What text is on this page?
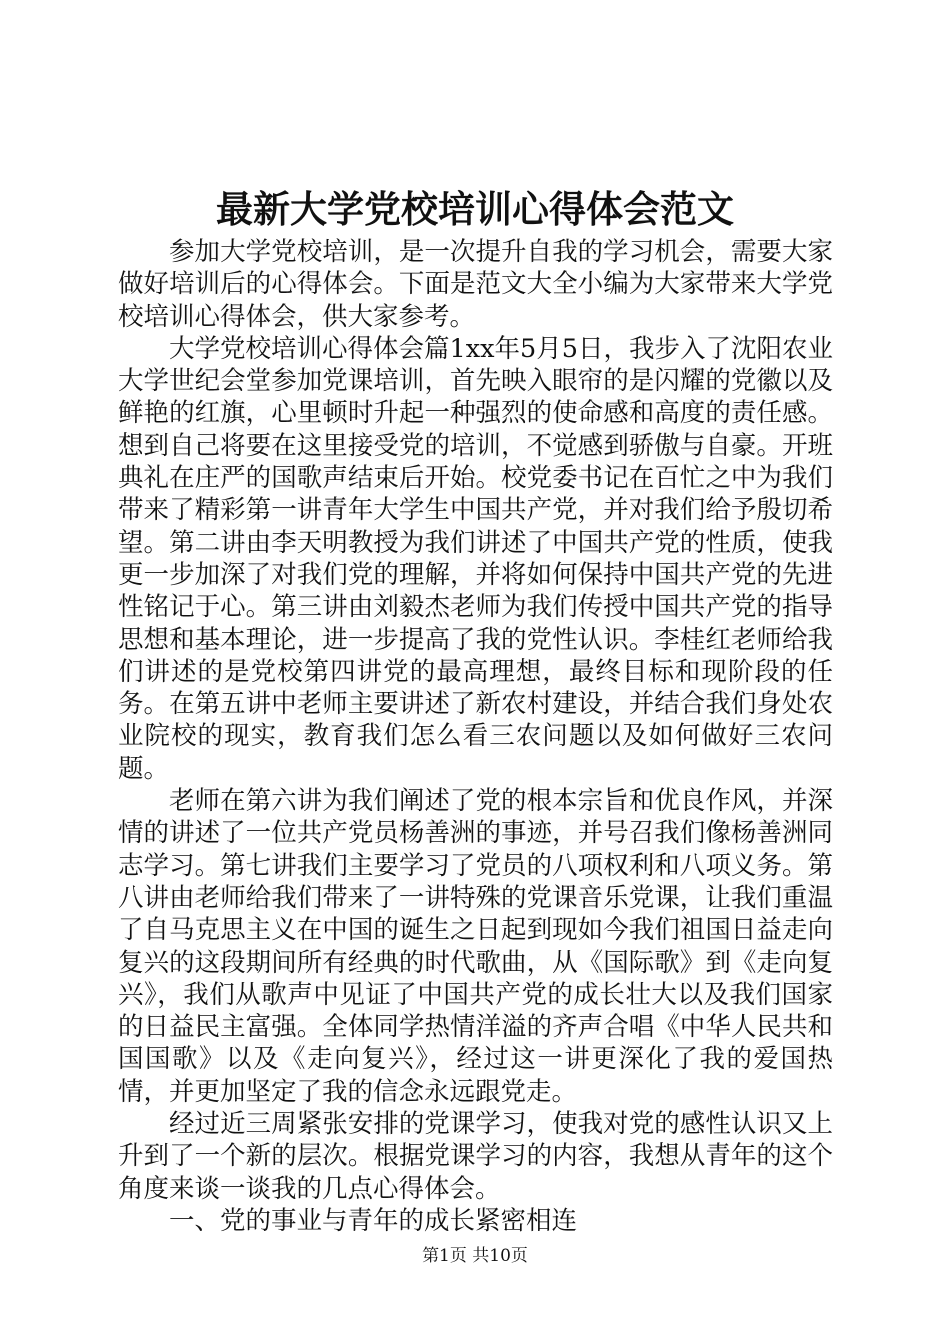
最新大学党校培训心得体会范文

参加大学党校培训，是一次提升自我的学习机会，需要大家做好培训后的心得体会。下面是范文大全小编为大家带来大学党校培训心得体会，供大家参考。

大学党校培训心得体会篇1xx年5月5日，我步入了沈阳农业大学世纪会堂参加党课培训，首先映入眼帘的是闪耀的党徽以及鲜艳的红旗，心里顿时升起一种强烈的使命感和高度的责任感。想到自己将要在这里接受党的培训，不觉感到骄傲与自豪。开班典礼在庄严的国歌声结束后开始。校党委书记在百忙之中为我们带来了精彩第一讲青年大学生中国共产党，并对我们给予殷切希望。第二讲由李天明教授为我们讲述了中国共产党的性质，使我更一步加深了对我们党的理解，并将如何保持中国共产党的先进性铭记于心。第三讲由刘毅杰老师为我们传授中国共产党的指导思想和基本理论，进一步提高了我的党性认识。李桂红老师给我们讲述的是党校第四讲党的最高理想，最终目标和现阶段的任务。在第五讲中老师主要讲述了新农村建设，并结合我们身处农业院校的现实，教育我们怎么看三农问题以及如何做好三农问题。

老师在第六讲为我们阐述了党的根本宗旨和优良作风，并深情的讲述了一位共产党员杨善洲的事迹，并号召我们像杨善洲同志学习。第七讲我们主要学习了党员的八项权利和八项义务。第八讲由老师给我们带来了一讲特殊的党课音乐党课，让我们重温了自马克思主义在中国的诞生之日起到现如今我们祖国日益走向复兴的这段期间所有经典的时代歌曲，从《国际歌》到《走向复兴》，我们从歌声中见证了中国共产党的成长壮大以及我们国家的日益民主富强。全体同学热情洋溢的齐声合唱《中华人民共和国国歌》以及《走向复兴》，经过这一讲更深化了我的爱国热情，并更加坚定了我的信念永远跟党走。

经过近三周紧张安排的党课学习，使我对党的感性认识又上升到了一个新的层次。根据党课学习的内容，我想从青年的这个角度来谈一谈我的几点心得体会。

一、党的事业与青年的成长紧密相连

第1页 共10页
